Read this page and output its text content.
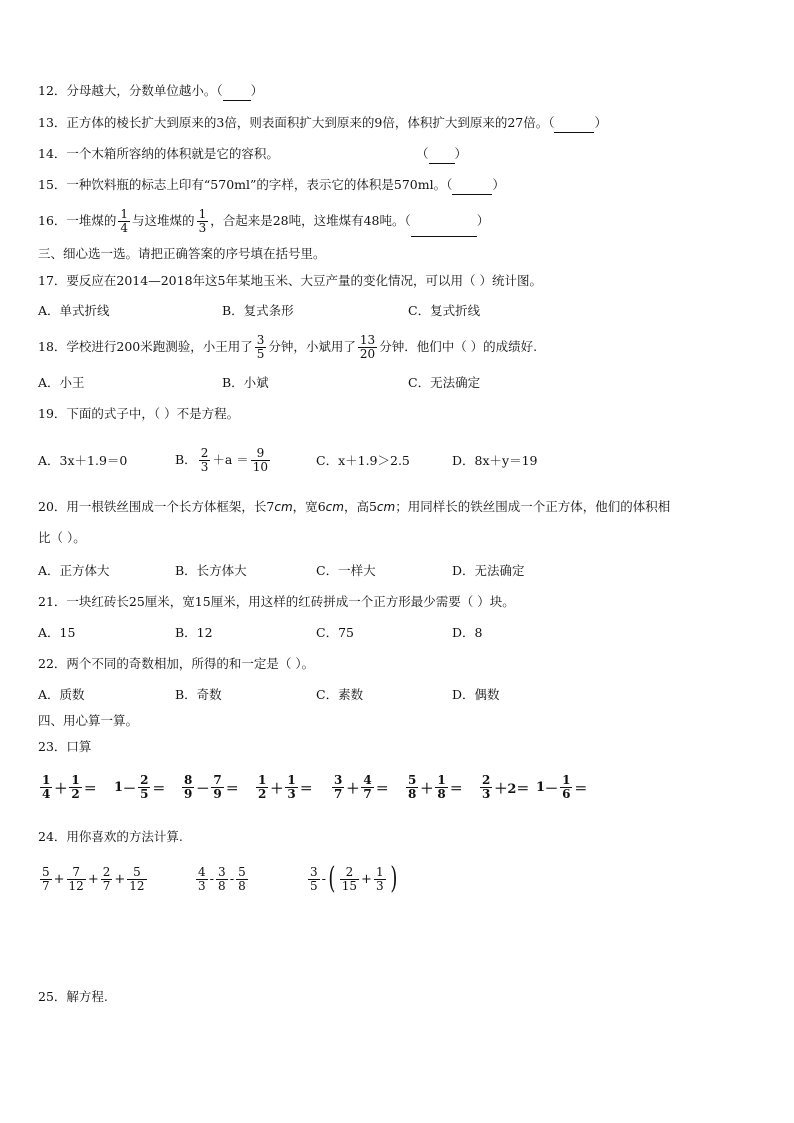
12．分母越大，分数单位越小。（ ）
13．正方体的棱长扩大到原来的3倍，则表面积扩大到原来的9倍，体积扩大到原来的27倍。（	）
14．一个木箱所容纳的体积就是它的容积。	（ ）
15．一种饮料瓶的标志上印有“570ml”的字样，表示它的体积是570ml。（	）
16．一堆煤的 $\frac{1}{4}$ 与这堆煤的 $\frac{1}{3}$ ，合起来是28吨，这堆煤有48吨。（	）
三、细心选一选。请把正确答案的序号填在括号里。
17．要反应在2014—2018年这5年某地玉米、大豆产量的变化情况，可以用（ ）统计图。
A．单式折线	B．复式条形	C．复式折线
18．学校进行200米跑测验，小王用了 $\frac{3}{5}$ 分钟，小斌用了 $\frac{13}{20}$ 分钟．他们中（ ）的成绩好.
A．小王	B．小斌	C．无法确定
19．下面的式子中，（ ）不是方程。
A．3x＋1.9＝0	B． $\frac{2}{3} +a = \frac{9}{10}$	C．x＋1.9＞2.5	D．8x＋y＝19
20．用一根铁丝围成一个长方体框架，长7cm，宽6cm，高5cm；用同样长的铁丝围成一个正方体，他们的体积相
比（ ）。
A．正方体大	B．长方体大	C．一样大	D．无法确定
21．一块红砖长25厘米，宽15厘米，用这样的红砖拼成一个正方形最少需要（ ）块。
A．15	B．12	C．75	D．8
22．两个不同的奇数相加，所得的和一定是（ ）。
A．质数	B．奇数	C．素数	D．偶数
四、用心算一算。
23．口算
$\frac{1}{4} + \frac{1}{2} = 1 - \frac{2}{5} = \frac{8}{9} - \frac{7}{9} = \frac{1}{2} + \frac{1}{3} = \frac{3}{7} + \frac{4}{7} = \frac{5}{8} + \frac{1}{8} = \frac{2}{3} +2= 1 - \frac{1}{6}$ ＝
24．用你喜欢的方法计算.
$\frac{5}{7} + \frac{7}{12} + \frac{2}{7} + \frac{5}{12}$	$\frac{4}{3} - \frac{3}{8} - \frac{5}{8}$	$\frac{3}{5}$ - ( $\frac{2}{15} + \frac{1}{3}$ )
25．解方程.
